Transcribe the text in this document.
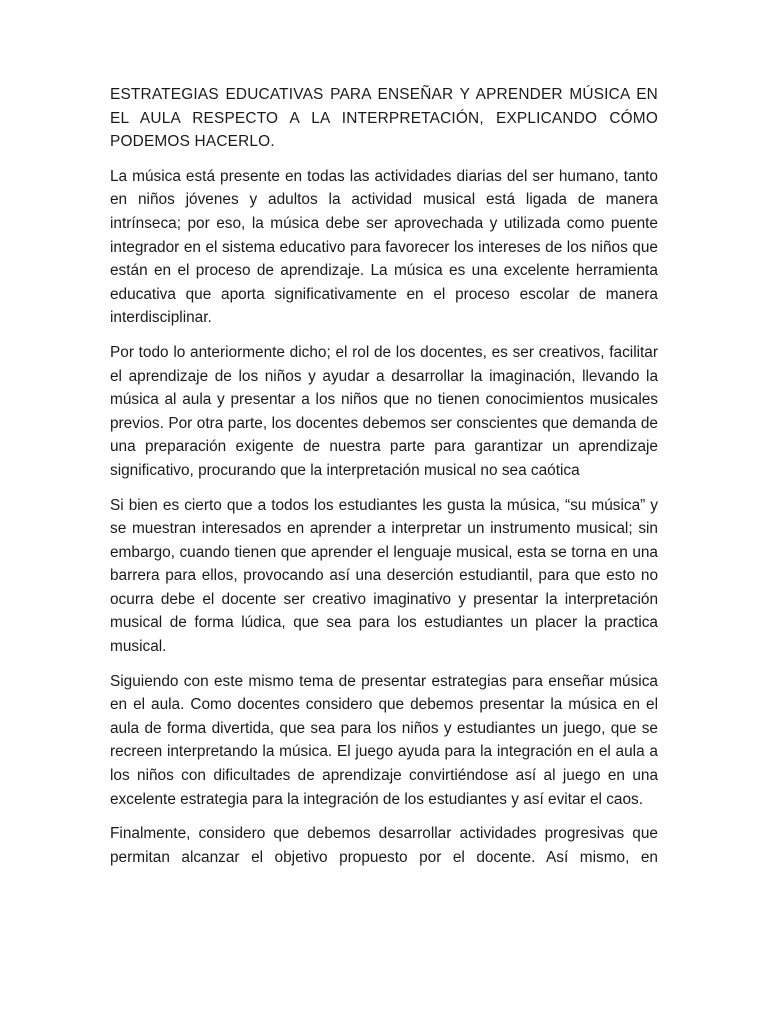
ESTRATEGIAS EDUCATIVAS PARA ENSEÑAR Y APRENDER MÚSICA EN EL AULA RESPECTO A LA INTERPRETACIÓN, EXPLICANDO CÓMO PODEMOS HACERLO.

La música está presente en todas las actividades diarias del ser humano, tanto en niños jóvenes y adultos la actividad musical está ligada de manera intrínseca; por eso, la música debe ser aprovechada y utilizada como puente integrador en el sistema educativo para favorecer los intereses de los niños que están en el proceso de aprendizaje. La música es una excelente herramienta educativa que aporta significativamente en el proceso escolar de manera interdisciplinar.

Por todo lo anteriormente dicho; el rol de los docentes, es ser creativos, facilitar el aprendizaje de los niños y ayudar a desarrollar la imaginación, llevando la música al aula y presentar a los niños que no tienen conocimientos musicales previos. Por otra parte, los docentes debemos ser conscientes que demanda de una preparación exigente de nuestra parte para garantizar un aprendizaje significativo, procurando que la interpretación musical no sea caótica

Si bien es cierto que a todos los estudiantes les gusta la música, “su música” y se muestran interesados en aprender a interpretar un instrumento musical; sin embargo, cuando tienen que aprender el lenguaje musical, esta se torna en una barrera para ellos, provocando así una deserción estudiantil, para que esto no ocurra debe el docente ser creativo imaginativo y presentar la interpretación musical de forma lúdica, que sea para los estudiantes un placer la practica musical.

Siguiendo con este mismo tema de presentar estrategias para enseñar música en el aula. Como docentes considero que debemos presentar la música en el aula de forma divertida, que sea para los niños y estudiantes un juego, que se recreen interpretando la música. El juego ayuda para la integración en el aula a los niños con dificultades de aprendizaje convirtiéndose así al juego en una excelente estrategia para la integración de los estudiantes y así evitar el caos.

Finalmente, considero que debemos desarrollar actividades progresivas que permitan alcanzar el objetivo propuesto por el docente. Así mismo, en
